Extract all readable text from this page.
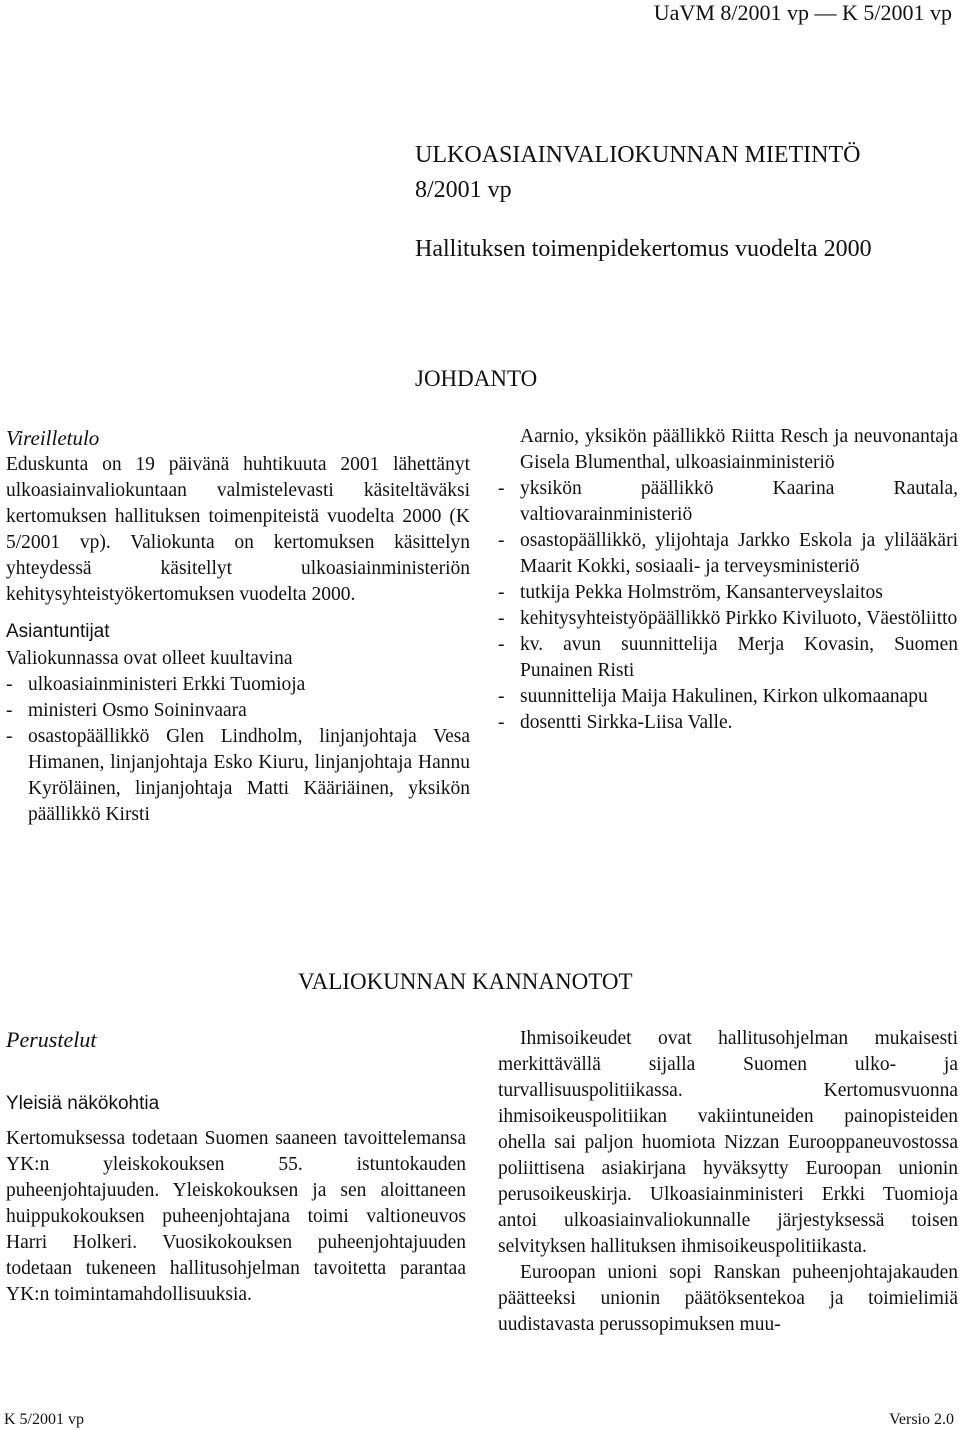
UaVM 8/2001 vp — K 5/2001 vp
ULKOASIAINVALIOKUNNAN MIETINTÖ
8/2001 vp
Hallituksen toimenpidekertomus vuodelta 2000
JOHDANTO
Vireilletulo

Eduskunta on 19 päivänä huhtikuuta 2001 lähettänyt ulkoasiainvaliokuntaan valmistelevasti käsiteltäväksi kertomuksen hallituksen toimenpiteistä vuodelta 2000 (K 5/2001 vp). Valiokunta on kertomuksen käsittelyn yhteydessä käsitellyt ulkoasiainministeriön kehitysyhteistyökertomuksen vuodelta 2000.

Asiantuntijat

Valiokunnassa ovat olleet kuultavina

- ulkoasiainministeri Erkki Tuomioja
- ministeri Osmo Soininvaara
- osastopäällikkö Glen Lindholm, linjanjohtaja Vesa Himanen, linjanjohtaja Esko Kiuru, linjanjohtaja Hannu Kyröläinen, linjanjohtaja Matti Kääriäinen, yksikön päällikkö Kirsti

Aarnio, yksikön päällikkö Riitta Resch ja neuvonantaja Gisela Blumenthal, ulkoasiainministeriö

- yksikön päällikkö Kaarina Rautala, valtiovarainministeriö
- osastopäällikkö, ylijohtaja Jarkko Eskola ja ylilääkäri Maarit Kokki, sosiaali- ja terveysministeriö
- tutkija Pekka Holmström, Kansanterveyslaitos
- kehitysyhteistyöpäällikkö Pirkko Kiviluoto, Väestöliitto
- kv. avun suunnittelija Merja Kovasin, Suomen Punainen Risti
- suunnittelija Maija Hakulinen, Kirkon ulkomaanapu
- dosentti Sirkka-Liisa Valle.
VALIOKUNNAN KANNANOTOT
Perustelut
Yleisiä näkökohtia

Kertomuksessa todetaan Suomen saaneen tavoittelemansa YK:n yleiskokouksen 55. istuntokauden puheenjohtajuuden. Yleiskokouksen ja sen aloittaneen huippukokouksen puheenjohtajana toimi valtioneuvos Harri Holkeri. Vuosikokouksen puheenjohtajuuden todetaan tukeneen hallitusohjelman tavoitetta parantaa YK:n toimintamahdollisuuksia.

Ihmisoikeudet ovat hallitusohjelman mukaisesti merkittävällä sijalla Suomen ulko- ja turvallisuuspolitiikassa. Kertomusvuonna ihmisoikeuspolitiikan vakiintuneiden painopisteiden ohella sai paljon huomiota Nizzan Eurooppaneuvostossa poliittisena asiakirjana hyväksytty Euroopan unionin perusoikeuskirja. Ulkoasiainministeri Erkki Tuomioja antoi ulkoasiainvaliokunnalle järjestyksessä toisen selvityksen hallituksen ihmisoikeuspolitiikasta.

Euroopan unioni sopi Ranskan puheenjohtajakauden päätteeksi unionin päätöksentekoa ja toimielimiä uudistavasta perussopimuksen muu-

K 5/2001 vp	Versio 2.0
